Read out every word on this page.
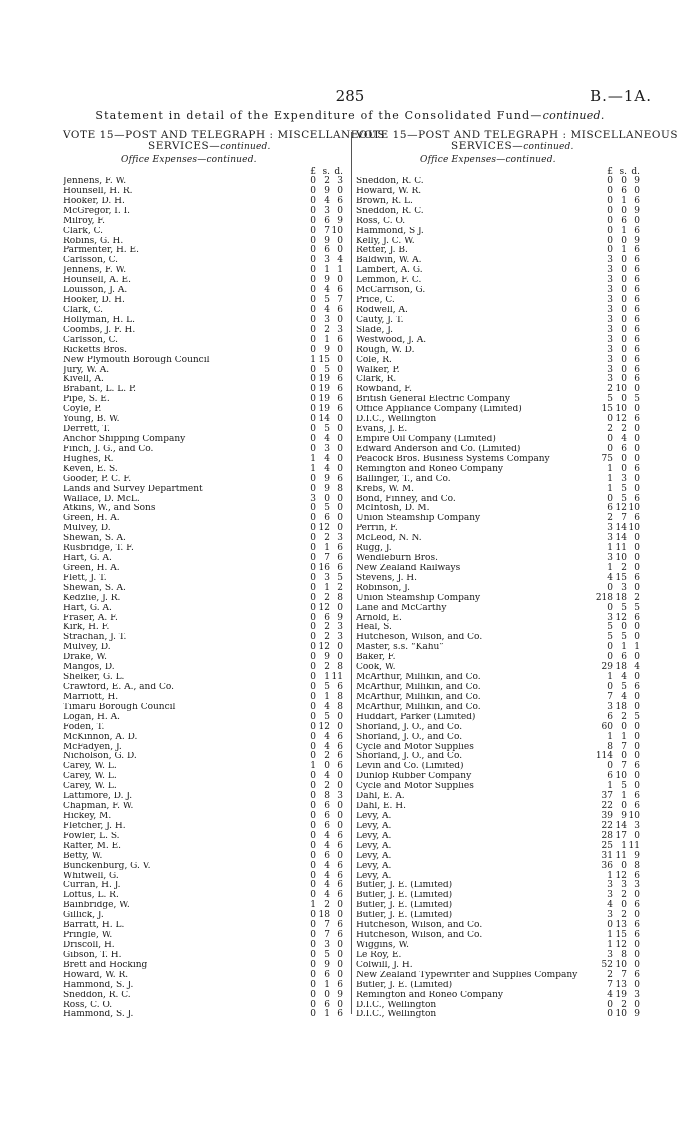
285	B.—1A.
Statement in detail of the Expenditure of the Consolidated Fund—continued.
VOTE 15—POST AND TELEGRAPH : MISCELLANEOUS
SERVICES—continued.
Office Expenses—continued.
£ s. d.
Jennens, F. W.	0 2 3
Hounsell, H. R.	0 9 0
Hooker, D. H.	0 4 6
McGregor, I. I.	0 3 0
Milroy, F.	0 6 9
Clark, C.	0 7 10
Robins, G. H.	0 9 0
Parmenter, H. E.	0 6 0
Carlsson, C.	0 3 4
Jennens, F. W.	0 1 1
Hounsell, A. E.	0 9 0
Louisson, J. A.	0 4 6
Hooker, D. H.	0 5 7
Clark, C.	0 4 6
Hollyman, H. L.	0 3 0
Coombs, J. F. H.	0 2 3
Carlsson, C.	0 1 6
Ricketts Bros.	0 9 0
New Plymouth Borough Council	1 15 0
Jury, W. A.	0 5 0
Kivell, A.	0 19 6
Brabant, L. L. P.	0 19 6
Pipe, S. E.	0 19 6
Coyle, P.	0 19 6
Young, B. W.	0 14 0
Derrett, T.	0 5 0
Anchor Shipping Company	0 4 0
Finch, J. G., and Co.	0 3 0
Hughes, R.	1 4 0
Keven, E. S.	1 4 0
Gooder, P. C. F.	0 9 6
Lands and Survey Department	0 9 8
Wallace, D. McL.	3 0 0
Atkins, W., and Sons	0 5 0
Green, H. A.	0 6 0
Mulvey, D.	0 12 0
Shewan, S. A.	0 2 3
Rusbridge, T. F.	0 1 6
Hart, G. A.	0 7 6
Green, H. A.	0 16 6
Flett, J. T.	0 3 5
Shewan, S. A.	0 1 2
Kedzlie, J. R.	0 2 8
Hart, G. A.	0 12 0
Fraser, A. F.	0 6 9
Kirk, H. F.	0 2 3
Strachan, J. T.	0 2 3
Mulvey, D.	0 12 0
Drake, W.	0 9 0
Mangos, D.	0 2 8
Shelker, G. L.	0 1 11
Crawford, E. A., and Co.	0 5 6
Marriott, H.	0 1 8
Timaru Borough Council	0 4 8
Logan, H. A.	0 5 0
Foden, T.	0 12 0
McKinnon, A. D.	0 4 6
McFadyen, J.	0 4 6
Nicholson, G. D.	0 2 6
Carey, W. L.	1 0 6
Carey, W. L.	0 4 0
Carey, W. L.	0 2 0
Lattimore, D. J.	0 8 3
Chapman, F. W.	0 6 0
Hickey, M.	0 6 0
Fletcher, J. H.	0 6 0
Fowler, L. S.	0 4 6
Rafter, M. E.	0 4 6
Betty, W.	0 6 0
Bunckenburg, G. V.	0 4 6
Whitwell, G.	0 4 6
Curran, H. J.	0 4 6
Loftus, L. R.	0 4 6
Bainbridge, W.	1 2 0
Gillick, J.	0 18 0
Barratt, H. L.	0 7 6
Pringle, W.	0 7 6
Driscoll, H.	0 3 0
Gibson, T. H.	0 5 0
Brett and Hocking	0 9 0
Howard, W. R.	0 6 0
Hammond, S. J.	0 1 6
Sneddon, R. C.	0 0 9
Ross, C. O.	0 6 0
Hammond, S. J.	0 1 6
VOTE 15—POST AND TELEGRAPH : MISCELLANEOUS
SERVICES—continued.
Office Expenses—continued.
£ s. d.
Sneddon, R. C.	0 0 9
Howard, W. R.	0 6 0
Brown, R. L.	0 1 6
Sneddon, R. C.	0 0 9
Ross, C. O.	0 6 0
Hammond, S J.	0 1 6
Kelly, J. C. W.	0 0 9
Retter, J. B.	0 1 6
Baldwin, W. A.	3 0 6
Lambert, A. G.	3 0 6
Lemmon, F. C.	3 0 6
McCarrison, G.	3 0 6
Price, C.	3 0 6
Rodwell, A.	3 0 6
Cauty, J. T.	3 0 6
Slade, J.	3 0 6
Westwood, J. A.	3 0 6
Rough, W. D.	3 0 6
Cole, R.	3 0 6
Walker, P.	3 0 6
Clark, R.	3 0 6
Rowband, F.	2 10 0
British General Electric Company	5 0 5
Office Appliance Company (Limited)	15 10 0
D.I.C., Wellington	0 12 6
Evans, J. E.	2 2 0
Empire Oil Company (Limited)	0 4 0
Edward Anderson and Co. (Limited)	0 6 0
Peacock Bros. Business Systems Company	75 0 0
Remington and Roneo Company	1 0 6
Ballinger, T., and Co.	1 3 0
Krebs, W. M.	1 5 0
Bond, Finney, and Co.	0 5 6
McIntosh, D. M.	6 12 10
Union Steamship Company	2 7 6
Perrin, F.	3 14 10
McLeod, N. N.	3 14 0
Rugg, J.	1 11 0
Wendleburn Bros.	3 10 0
New Zealand Railways	1 2 0
Stevens, J. H.	4 15 6
Robinson, J.	0 3 0
Union Steamship Company	218 18 2
Lane and McCarthy	0 5 5
Arnold, E.	3 12 6
Heal, S.	5 0 0
Hutcheson, Wilson, and Co.	5 5 0
Master, s.s. “Kahu”	0 1 1
Baker, F.	0 6 0
Cook, W.	29 18 4
McArthur, Millikin, and Co.	1 4 0
McArthur, Millikin, and Co.	0 5 6
McArthur, Millikin, and Co.	7 4 0
McArthur, Millikin, and Co.	3 18 0
Huddart, Parker (Limited)	6 2 5
Shorland, J. O., and Co.	60 0 0
Shorland, J. O., and Co.	1 1 0
Cycle and Motor Supplies	8 7 0
Shorland, J. O., and Co.	114 0 0
Levin and Co. (Limited)	0 7 6
Dunlop Rubber Company	6 10 0
Cycle and Motor Supplies	1 5 0
Dahl, E. A.	37 1 6
Dahl, E. H.	22 0 6
Levy, A.	39 9 10
Levy, A.	22 14 3
Levy, A.	28 17 0
Levy, A.	25 1 11
Levy, A.	31 11 9
Levy, A.	36 0 8
Levy, A.	1 12 6
Butler, J. E. (Limited)	3 3 3
Butler, J. E. (Limited)	3 2 0
Butler, J. E. (Limited)	4 0 6
Butler, J. E. (Limited)	3 2 0
Hutcheson, Wilson, and Co.	0 13 6
Hutcheson, Wilson, and Co.	1 15 6
Wiggins, W.	1 12 0
Le Roy, E.	3 8 0
Colwill, J. H.	52 10 0
New Zealand Typewriter and Supplies Company	2 7 6
Butler, J. E. (Limited)	7 13 0
Remington and Roneo Company	4 19 3
D.I.C., Wellington	0 2 0
D.I.C., Wellington	0 10 9
